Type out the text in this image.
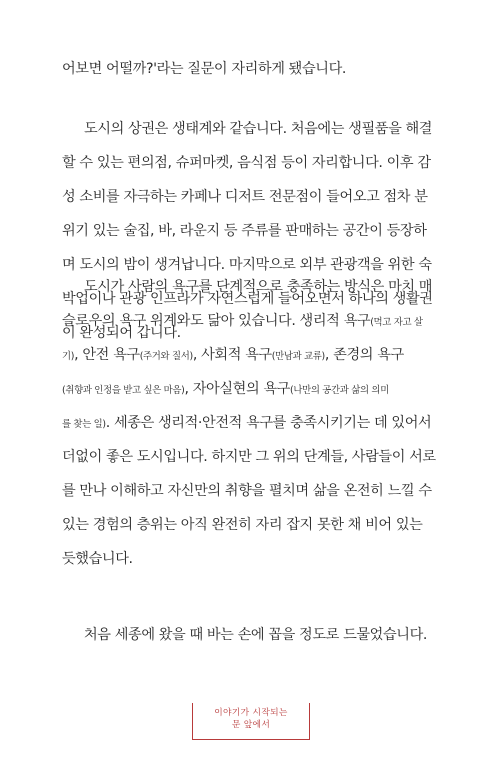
어보면 어떨까?'라는 질문이 자리하게 됐습니다.
도시의 상권은 생태계와 같습니다. 처음에는 생필품을 해결
할 수 있는 편의점, 슈퍼마켓, 음식점 등이 자리합니다. 이후 감
성 소비를 자극하는 카페나 디저트 전문점이 들어오고 점차 분
위기 있는 술집, 바, 라운지 등 주류를 판매하는 공간이 등장하
며 도시의 밤이 생겨납니다. 마지막으로 외부 관광객을 위한 숙
박업이나 관광 인프라가 자연스럽게 들어오면서 하나의 생활권
이 완성되어 갑니다.
도시가 사람의 욕구를 단계적으로 충족하는 방식은 마치 매
슬로우의 욕구 위계와도 닮아 있습니다. 생리적 욕구(먹고 자고 살
기), 안전 욕구(주거와 질서), 사회적 욕구(만남과 교류), 존경의 욕구
(취향과 인정을 받고 싶은 마음), 자아실현의 욕구(나만의 공간과 삶의 의미
를 찾는 일). 세종은 생리적·안전적 욕구를 충족시키기는 데 있어서
더없이 좋은 도시입니다. 하지만 그 위의 단계들, 사람들이 서로
를 만나 이해하고 자신만의 취향을 펼치며 삶을 온전히 느낄 수
있는 경험의 층위는 아직 완전히 자리 잡지 못한 채 비어 있는
듯했습니다.
처음 세종에 왔을 때 바는 손에 꼽을 정도로 드물었습니다.
이야기가 시작되는
문 앞에서
